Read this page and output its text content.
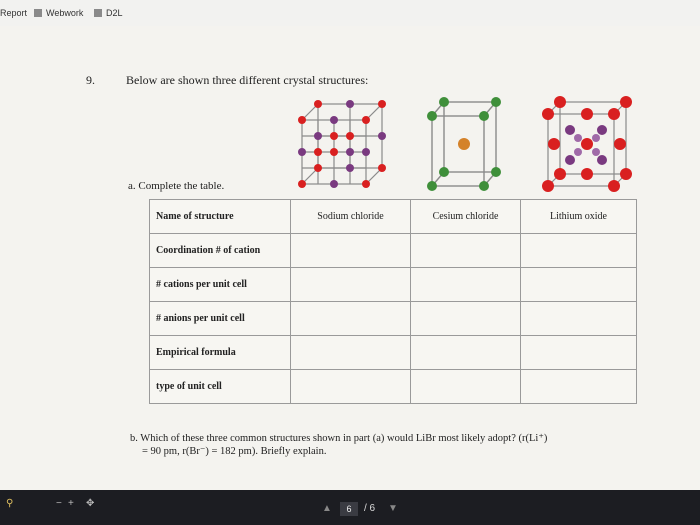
Report Webwork	D2L
9.	Below are shown three different crystal structures:
a. Complete the table.
Name of structure	Sodium chloride	Cesium chloride	Lithium oxide
Coordination # of cation			
# cations per unit cell			
# anions per unit cell			
Empirical formula			
type of unit cell			
b. Which of these three common structures shown in part (a) would LiBr most likely adopt? (r(Li⁺)
= 90 pm, r(Br⁻) = 182 pm). Briefly explain.
⚲	− + ✥	▲	6	/ 6 ▼
